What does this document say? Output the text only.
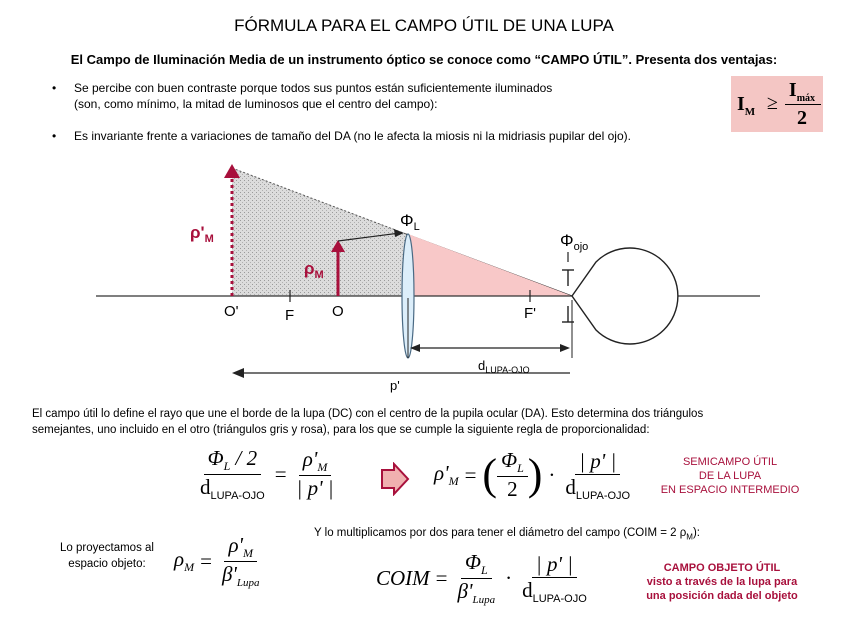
FÓRMULA PARA EL CAMPO ÚTIL DE UNA LUPA
El Campo de Iluminación Media de un instrumento óptico se conoce como “CAMPO ÚTIL”. Presenta dos ventajas:
• Se percibe con buen contraste porque todos sus puntos están suficientemente iluminados
(son, como mínimo, la mitad de luminosos que el centro del campo):
• Es invariante frente a variaciones de tamaño del DA (no le afecta la miosis ni la midriasis pupilar del ojo).
$I_M$ ≥
$I_{máx}$
2
$\rho'_M$
$\rho_M$
$\Phi_L$
$\Phi_{ojo}$
O'	F	O	F'
$d_{LUPA-OJO}$
p'
El campo útil lo define el rayo que une el borde de la lupa (DC) con el centro de la pupila ocular (DA). Esto determina dos triángulos
semejantes, uno incluido en el otro (triángulos gris y rosa), para los que se cumple la siguiente regla de proporcionalidad:
$\frac{\Phi_L / 2}{d_{LUPA-OJO}} = \frac{\rho'_M}{| p' |}$	$\rho'_M$ = ( $\frac{\Phi_L}{2}$ ) · $\frac{| p' |}{d_{LUPA-OJO}}$	SEMICAMPO ÚTIL
DE LA LUPA
EN ESPACIO INTERMEDIO
Lo proyectamos al
espacio objeto:	$\rho_M = \frac{\rho'_M}{\beta'_{Lupa}}$	Y lo multiplicamos por dos para tener el diámetro del campo (COIM = 2 $\rho_M$):
COIM = $\frac{\Phi_L}{\beta'_{Lupa}} \cdot \frac{| p' |}{d_{LUPA-OJO}}$	CAMPO OBJETO ÚTIL
visto a través de la lupa para
una posición dada del objeto
